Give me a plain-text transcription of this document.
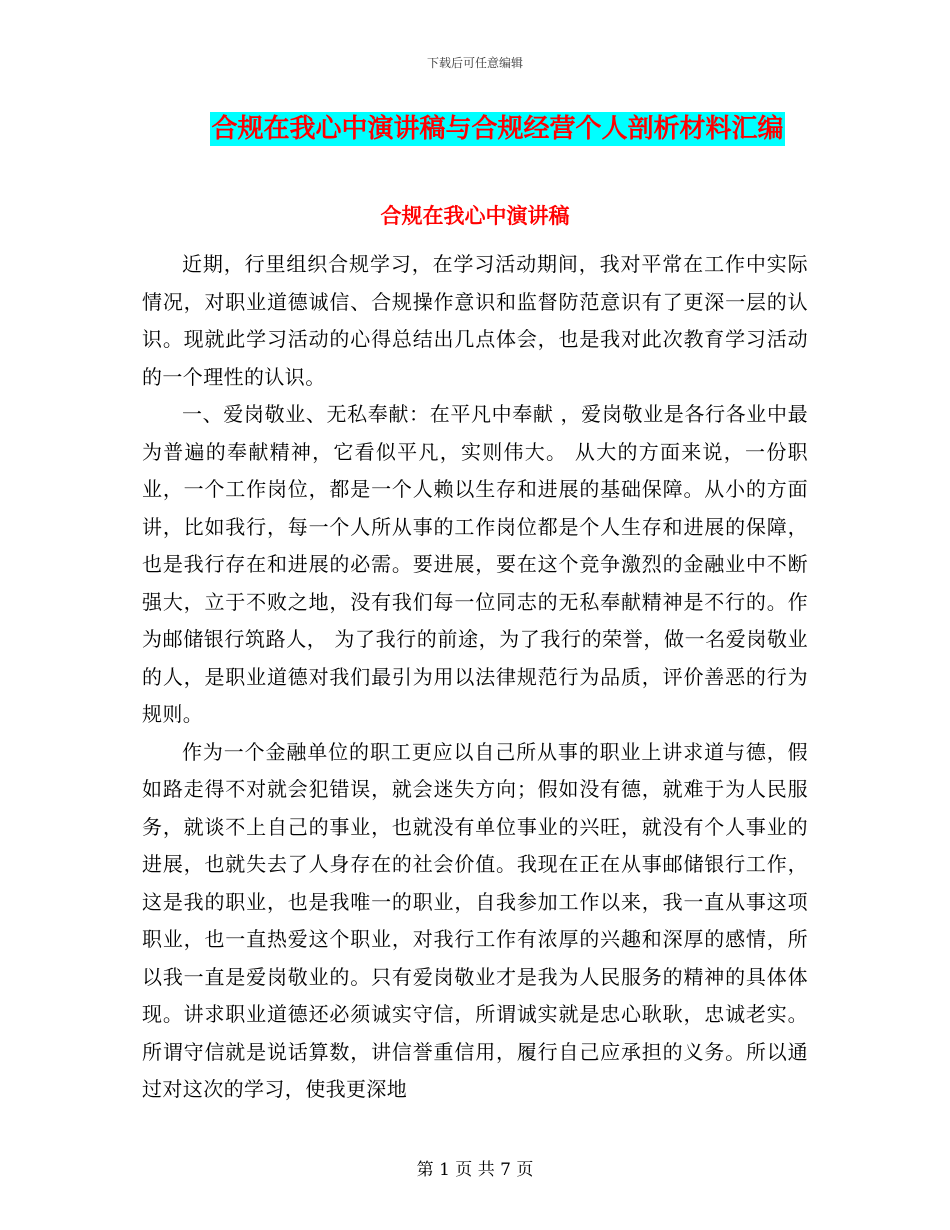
下载后可任意编辑
合规在我心中演讲稿与合规经营个人剖析材料汇编
合规在我心中演讲稿

近期，行里组织合规学习，在学习活动期间，我对平常在工作中实际情况，对职业道德诚信、合规操作意识和监督防范意识有了更深一层的认识。现就此学习活动的心得总结出几点体会，也是我对此次教育学习活动的一个理性的认识。

一、爱岗敬业、无私奉献：在平凡中奉献 ，爱岗敬业是各行各业中最为普遍的奉献精神，它看似平凡，实则伟大。 从大的方面来说，一份职业，一个工作岗位，都是一个人赖以生存和进展的基础保障。从小的方面讲，比如我行，每一个人所从事的工作岗位都是个人生存和进展的保障，也是我行存在和进展的必需。要进展，要在这个竞争激烈的金融业中不断强大，立于不败之地，没有我们每一位同志的无私奉献精神是不行的。作为邮储银行筑路人， 为了我行的前途，为了我行的荣誉，做一名爱岗敬业的人，是职业道德对我们最引为用以法律规范行为品质，评价善恶的行为规则。

作为一个金融单位的职工更应以自己所从事的职业上讲求道与德，假如路走得不对就会犯错误，就会迷失方向；假如没有德，就难于为人民服务，就谈不上自己的事业，也就没有单位事业的兴旺，就没有个人事业的进展，也就失去了人身存在的社会价值。我现在正在从事邮储银行工作，这是我的职业，也是我唯一的职业，自我参加工作以来，我一直从事这项职业，也一直热爱这个职业，对我行工作有浓厚的兴趣和深厚的感情，所以我一直是爱岗敬业的。只有爱岗敬业才是我为人民服务的精神的具体体现。讲求职业道德还必须诚实守信，所谓诚实就是忠心耿耿，忠诚老实。所谓守信就是说话算数，讲信誉重信用，履行自己应承担的义务。所以通过对这次的学习，使我更深地

第 1 页 共 7 页
